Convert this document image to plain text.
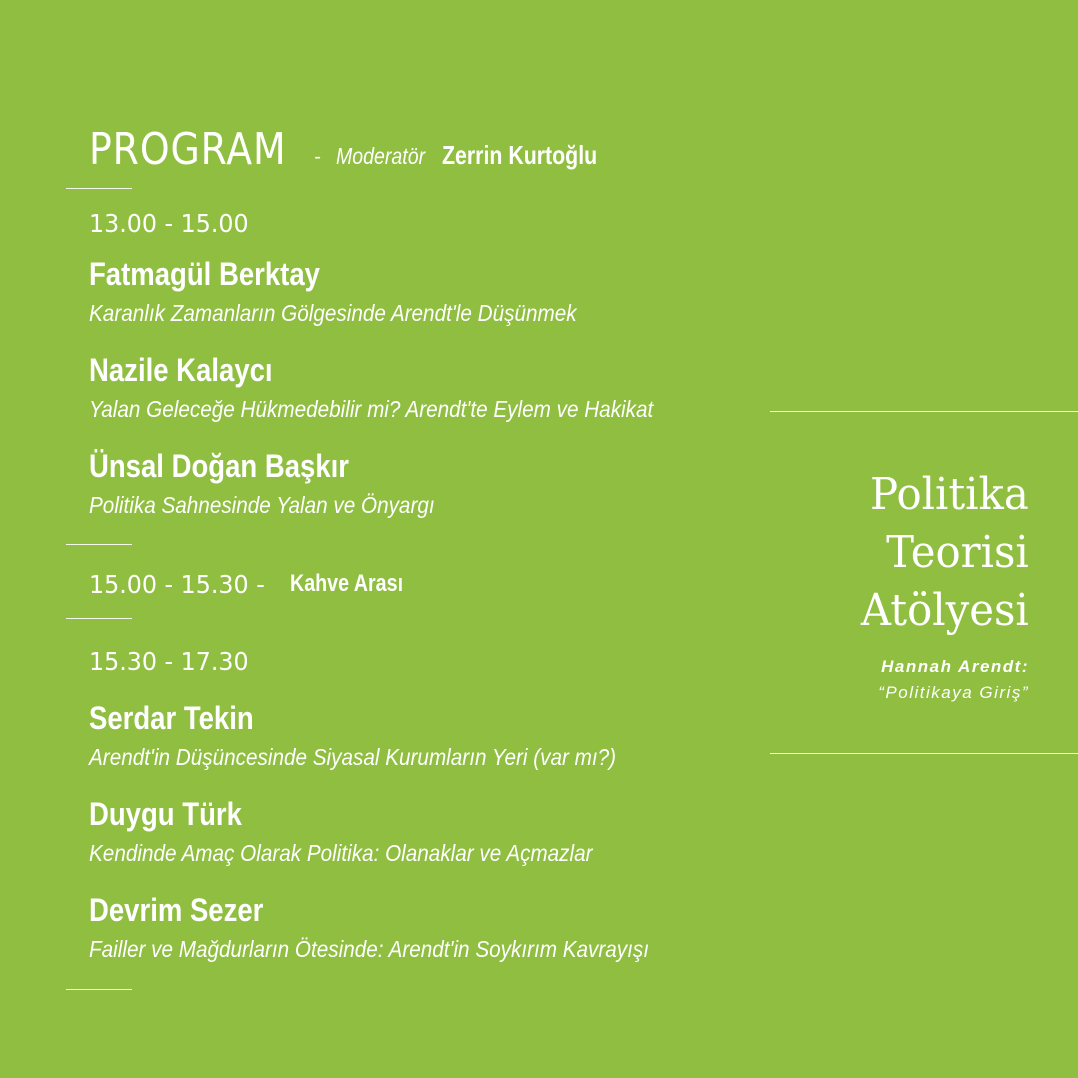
PROGRAM - Moderatör Zerrin Kurtoğlu
13.00 - 15.00
Fatmagül Berktay
Karanlık Zamanların Gölgesinde Arendt'le Düşünmek
Nazile Kalaycı
Yalan Geleceğe Hükmedebilir mi? Arendt'te Eylem ve Hakikat
Ünsal Doğan Başkır
Politika Sahnesinde Yalan ve Önyargı
15.00 - 15.30 - Kahve Arası
15.30 - 17.30
Serdar Tekin
Arendt'in Düşüncesinde Siyasal Kurumların Yeri (var mı?)
Duygu Türk
Kendinde Amaç Olarak Politika: Olanaklar ve Açmazlar
Devrim Sezer
Failler ve Mağdurların Ötesinde: Arendt'in Soykırım Kavrayışı
Politika
Teorisi
Atölyesi
Hannah Arendt:
“Politikaya Giriş”
